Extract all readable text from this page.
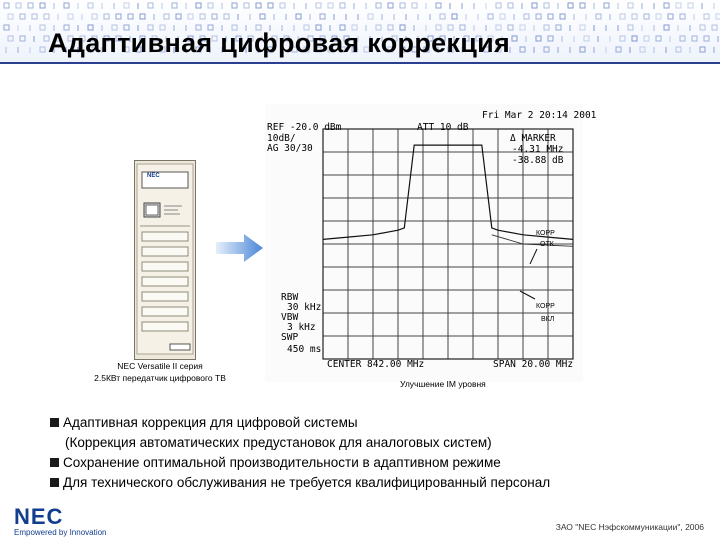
Адаптивная цифровая коррекция
NEC
NEC Versatile II серия
2.5КВт передатчик цифрового ТВ
REF -20.0 dBm	ATT 10 dB
Fri Mar 2 20:14 2001
10dB/
AG 30/30
Δ MARKER
-4.31 MHz
-38.88 dB
RBW
30 kHz
VBW
3 kHz
SWP
450 ms
CENTER 842.00 MHz	SPAN 20.00 MHz
КОРР
ОТК
КОРР
ВКЛ
Улучшение IM уровня
Адаптивная коррекция для цифровой системы
(Коррекция автоматических предустановок для аналоговых систем)
Сохранение оптимальной производительности в адаптивном режиме
Для технического обслуживания не требуется квалифицированный персонал
NEC
Empowered by Innovation
ЗАО "NEC Нэфскоммуникации", 2006
